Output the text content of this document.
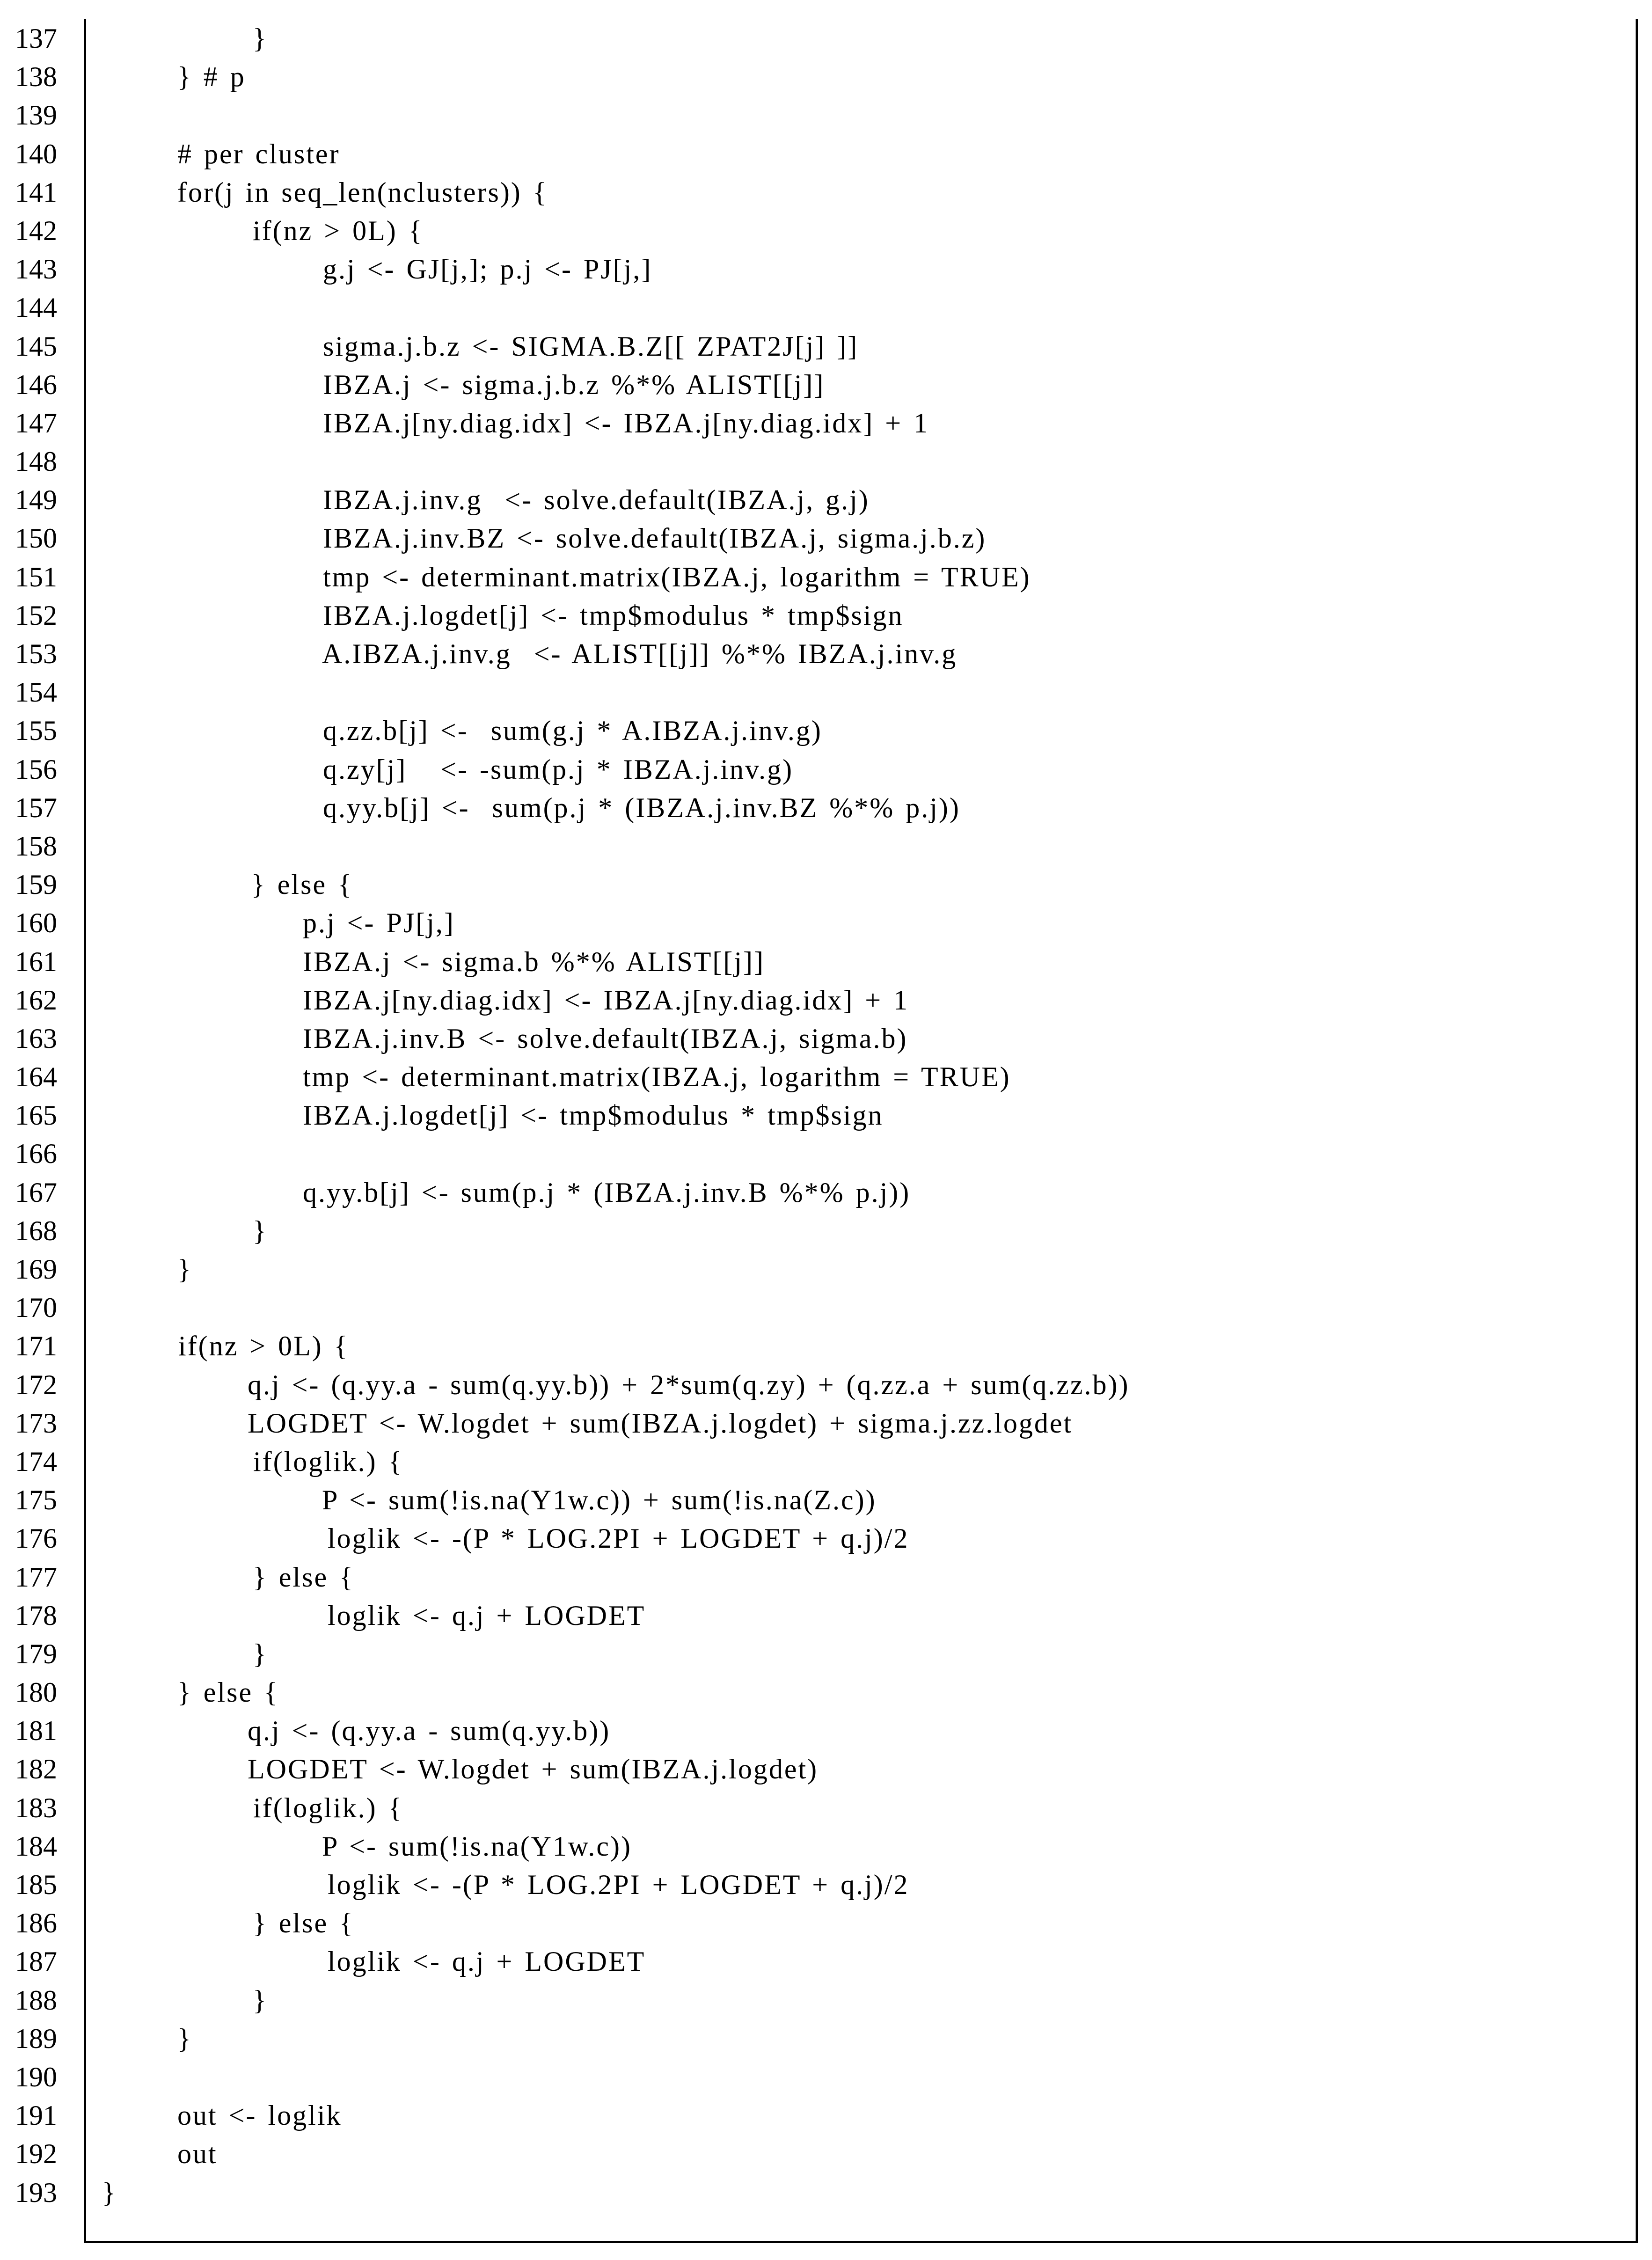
137	}
138	} # p
139
140	# per cluster
141	for(j in seq_len(nclusters)) {
142	if(nz > 0L) {
143	g.j <- GJ[j,]; p.j <- PJ[j,]
144
145	sigma.j.b.z <- SIGMA.B.Z[[ ZPAT2J[j] ]]
146	IBZA.j <- sigma.j.b.z %*% ALIST[[j]]
147	IBZA.j[ny.diag.idx] <- IBZA.j[ny.diag.idx] + 1
148
149	IBZA.j.inv.g  <- solve.default(IBZA.j, g.j)
150	IBZA.j.inv.BZ <- solve.default(IBZA.j, sigma.j.b.z)
151	tmp <- determinant.matrix(IBZA.j, logarithm = TRUE)
152	IBZA.j.logdet[j] <- tmp$modulus * tmp$sign
153	A.IBZA.j.inv.g  <- ALIST[[j]] %*% IBZA.j.inv.g
154
155	q.zz.b[j] <-  sum(g.j * A.IBZA.j.inv.g)
156	q.zy[j]   <- -sum(p.j * IBZA.j.inv.g)
157	q.yy.b[j] <-  sum(p.j * (IBZA.j.inv.BZ %*% p.j))
158
159	} else {
160	p.j <- PJ[j,]
161	IBZA.j <- sigma.b %*% ALIST[[j]]
162	IBZA.j[ny.diag.idx] <- IBZA.j[ny.diag.idx] + 1
163	IBZA.j.inv.B <- solve.default(IBZA.j, sigma.b)
164	tmp <- determinant.matrix(IBZA.j, logarithm = TRUE)
165	IBZA.j.logdet[j] <- tmp$modulus * tmp$sign
166
167	q.yy.b[j] <- sum(p.j * (IBZA.j.inv.B %*% p.j))
168	}
169	}
170
171	if(nz > 0L) {
172	q.j <- (q.yy.a - sum(q.yy.b)) + 2*sum(q.zy) + (q.zz.a + sum(q.zz.b))
173	LOGDET <- W.logdet + sum(IBZA.j.logdet) + sigma.j.zz.logdet
174	if(loglik.) {
175	P <- sum(!is.na(Y1w.c)) + sum(!is.na(Z.c))
176	loglik <- -(P * LOG.2PI + LOGDET + q.j)/2
177	} else {
178	loglik <- q.j + LOGDET
179	}
180	} else {
181	q.j <- (q.yy.a - sum(q.yy.b))
182	LOGDET <- W.logdet + sum(IBZA.j.logdet)
183	if(loglik.) {
184	P <- sum(!is.na(Y1w.c))
185	loglik <- -(P * LOG.2PI + LOGDET + q.j)/2
186	} else {
187	loglik <- q.j + LOGDET
188	}
189	}
190
191	out <- loglik
192	out
193 }
